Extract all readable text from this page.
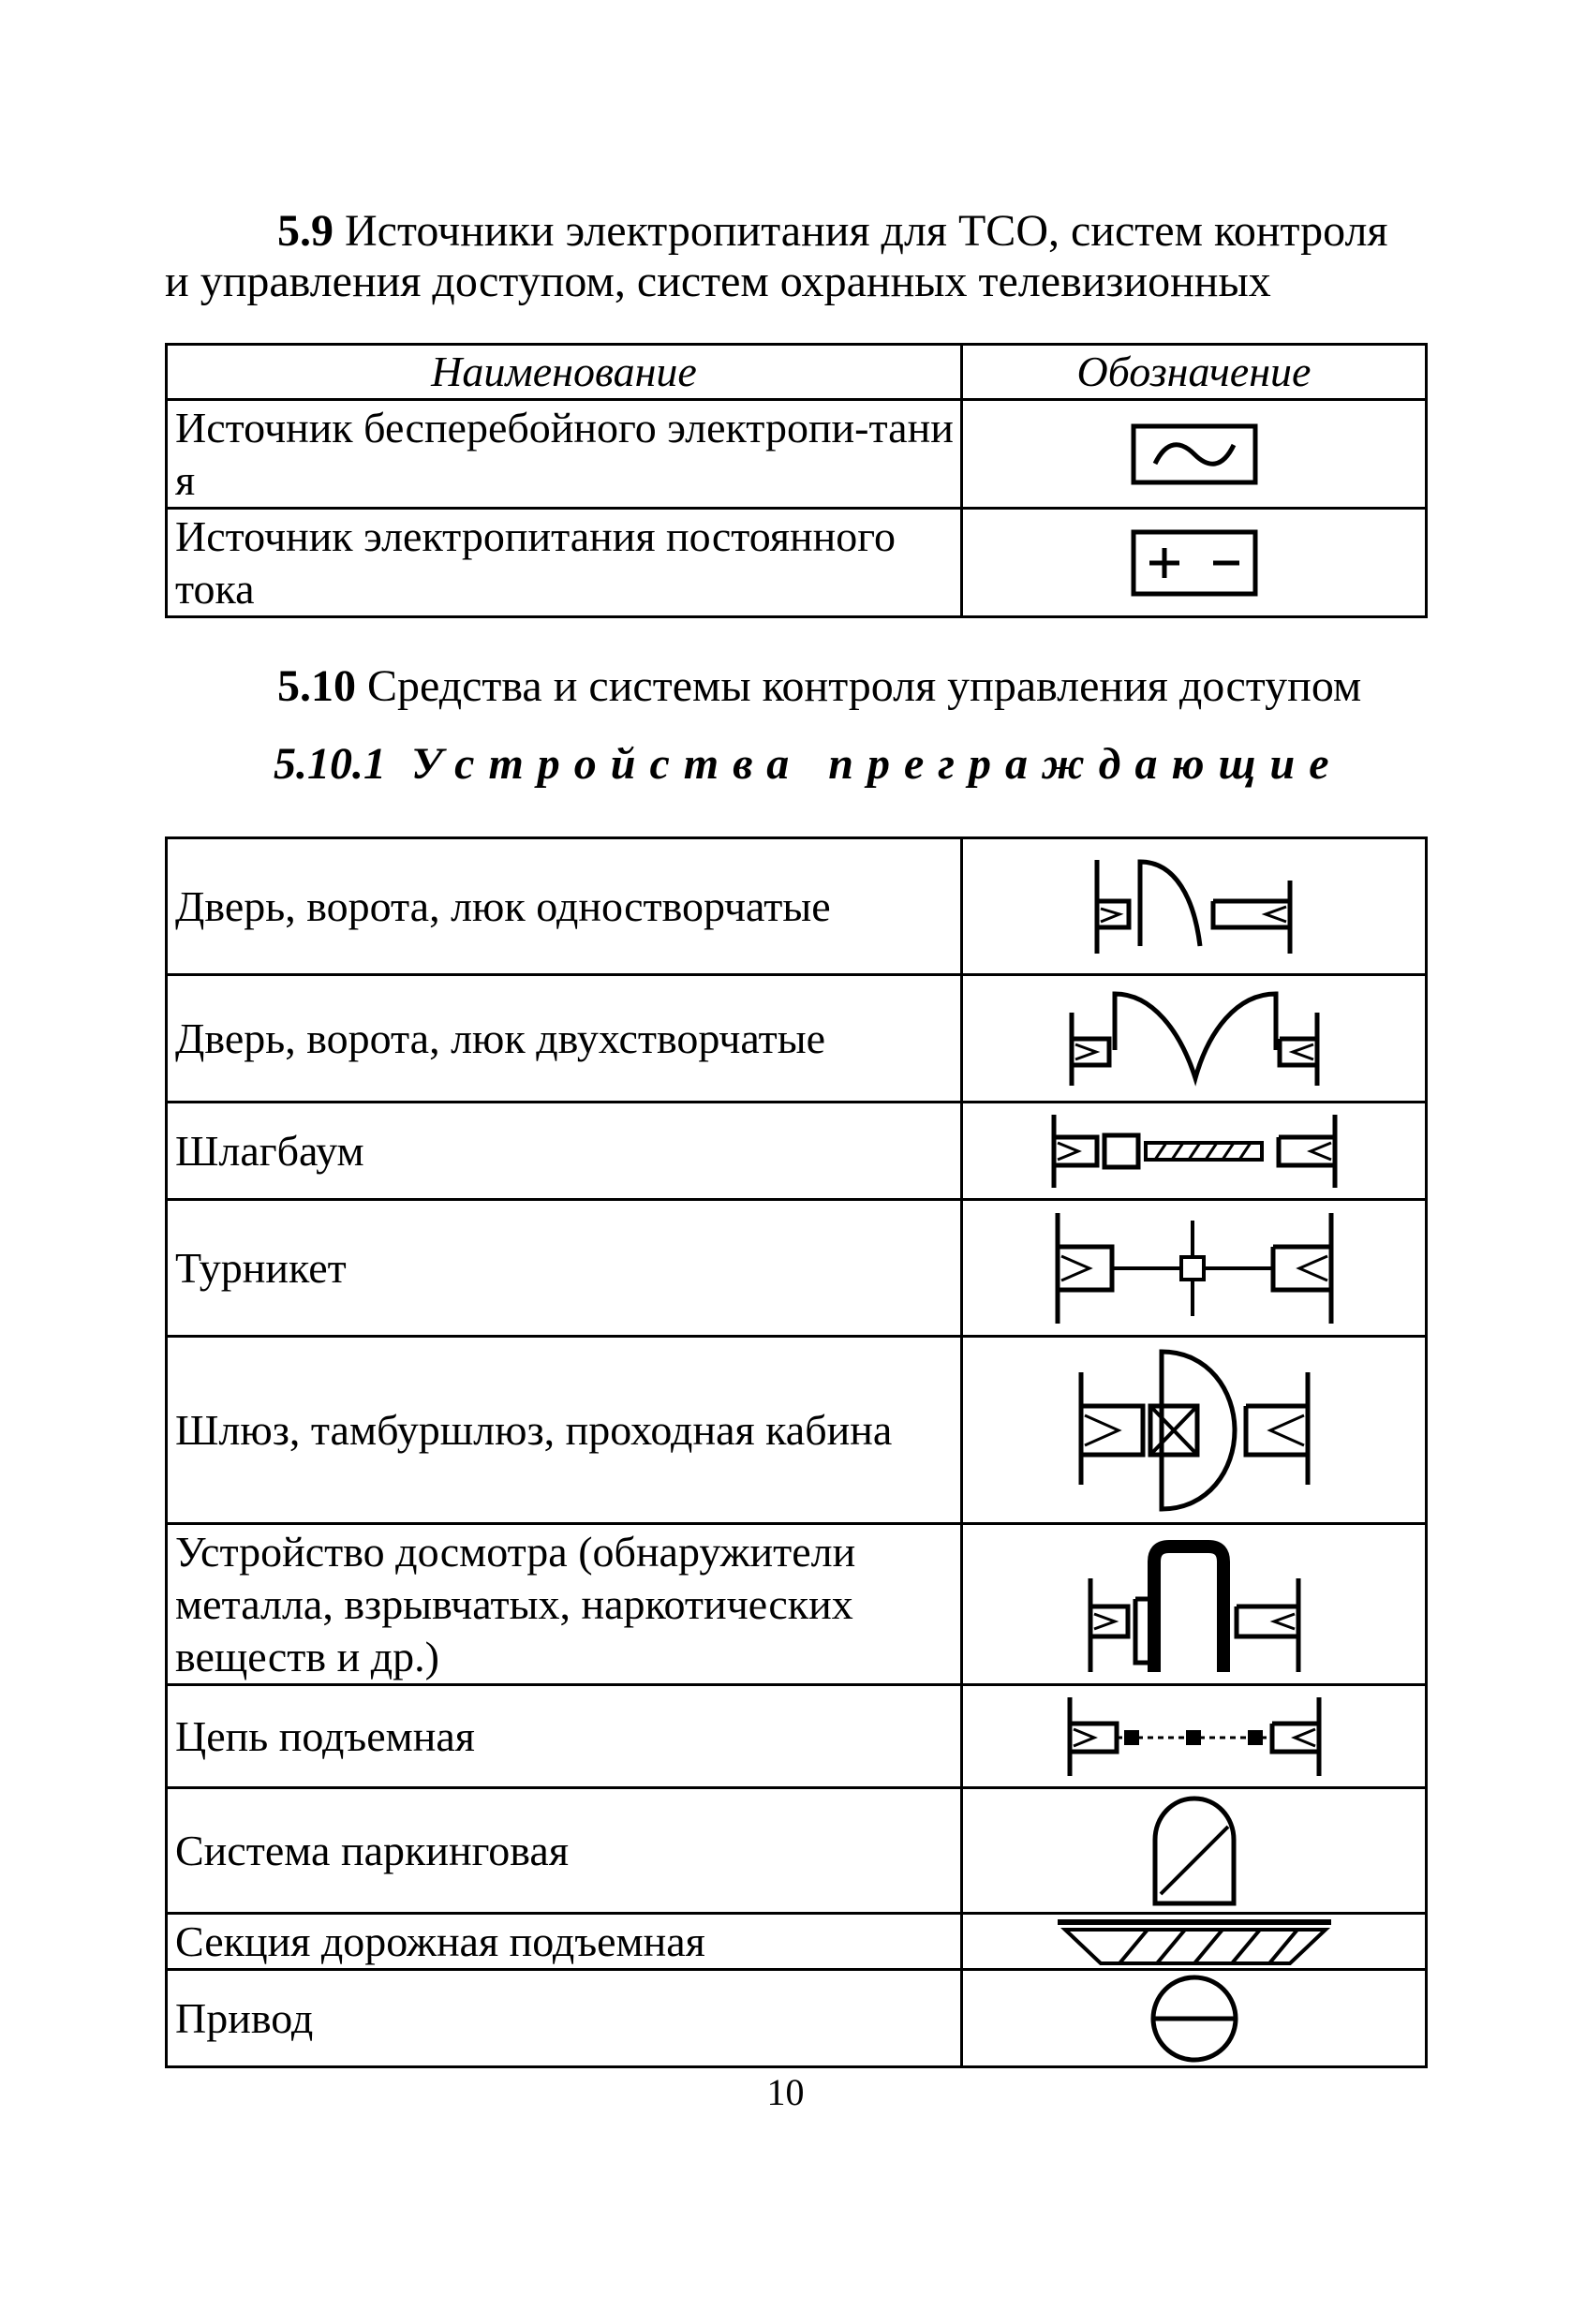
5.9 Источники электропитания для ТСО, систем контроля
и управления доступом, систем охранных телевизионных
Наименование	Обозначение
Источник бесперебойного электропи-тания	

Источник электропитания постоянного тока	
5.10 Средства и системы контроля управления доступом
5.10.1 Устройства преграждающие
Дверь, ворота, люк одностворчатые	

Дверь, ворота, люк двухстворчатые	

Шлагбаум	

Турникет	

Шлюз, тамбуршлюз, проходная кабина	

Устройство досмотра (обнаружители металла, взрывчатых, наркотических веществ и др.)	

Цепь подъемная	

Система паркинговая	

Секция дорожная подъемная	

Привод	
10
